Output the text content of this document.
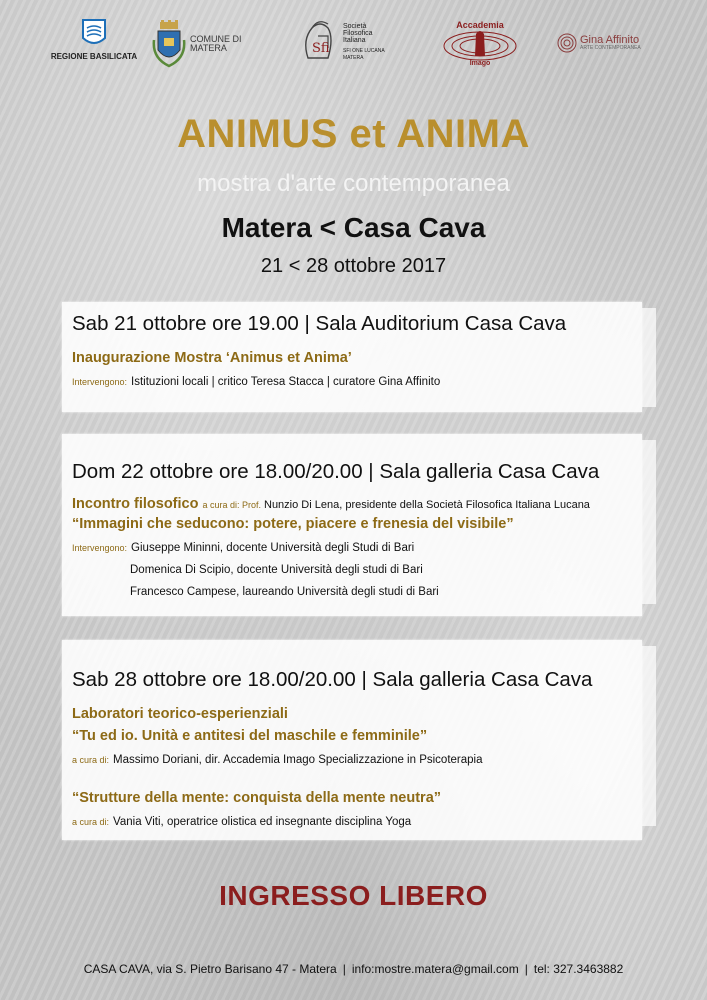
REGIONE BASILICATA
COMUNE DI
MATERA	Sfi
Società
Filosofica
Italiana
SFI ONE LUCANA
MATERA
Accademia
Imago
Gina Affinito
ARTE CONTEMPORANEA
ANIMUS et ANIMA
mostra d'arte contemporanea
Matera < Casa Cava
21 < 28 ottobre 2017
Sab 21 ottobre ore 19.00 | Sala Auditorium Casa Cava
Inaugurazione Mostra ‘Animus et Anima’
Intervengono: Istituzioni locali | critico Teresa Stacca | curatore Gina Affinito
Dom 22 ottobre ore 18.00/20.00 | Sala galleria Casa Cava
Incontro filosofico a cura di: Prof. Nunzio Di Lena, presidente della Società Filosofica Italiana Lucana
“Immagini che seducono: potere, piacere e frenesia del visibile”
Intervengono: Giuseppe Mininni, docente Università degli Studi di Bari
Domenica Di Scipio, docente Università degli studi di Bari
Francesco Campese, laureando Università degli studi di Bari
Sab 28 ottobre ore 18.00/20.00 | Sala galleria Casa Cava
Laboratori teorico-esperienziali
“Tu ed io. Unità e antitesi del maschile e femminile”
a cura di: Massimo Doriani, dir. Accademia Imago Specializzazione in Psicoterapia
“Strutture della mente: conquista della mente neutra”
a cura di: Vania Viti, operatrice olistica ed insegnante disciplina Yoga
INGRESSO LIBERO
CASA CAVA, via S. Pietro Barisano 47 - Matera | info:mostre.matera@gmail.com | tel: 327.3463882
